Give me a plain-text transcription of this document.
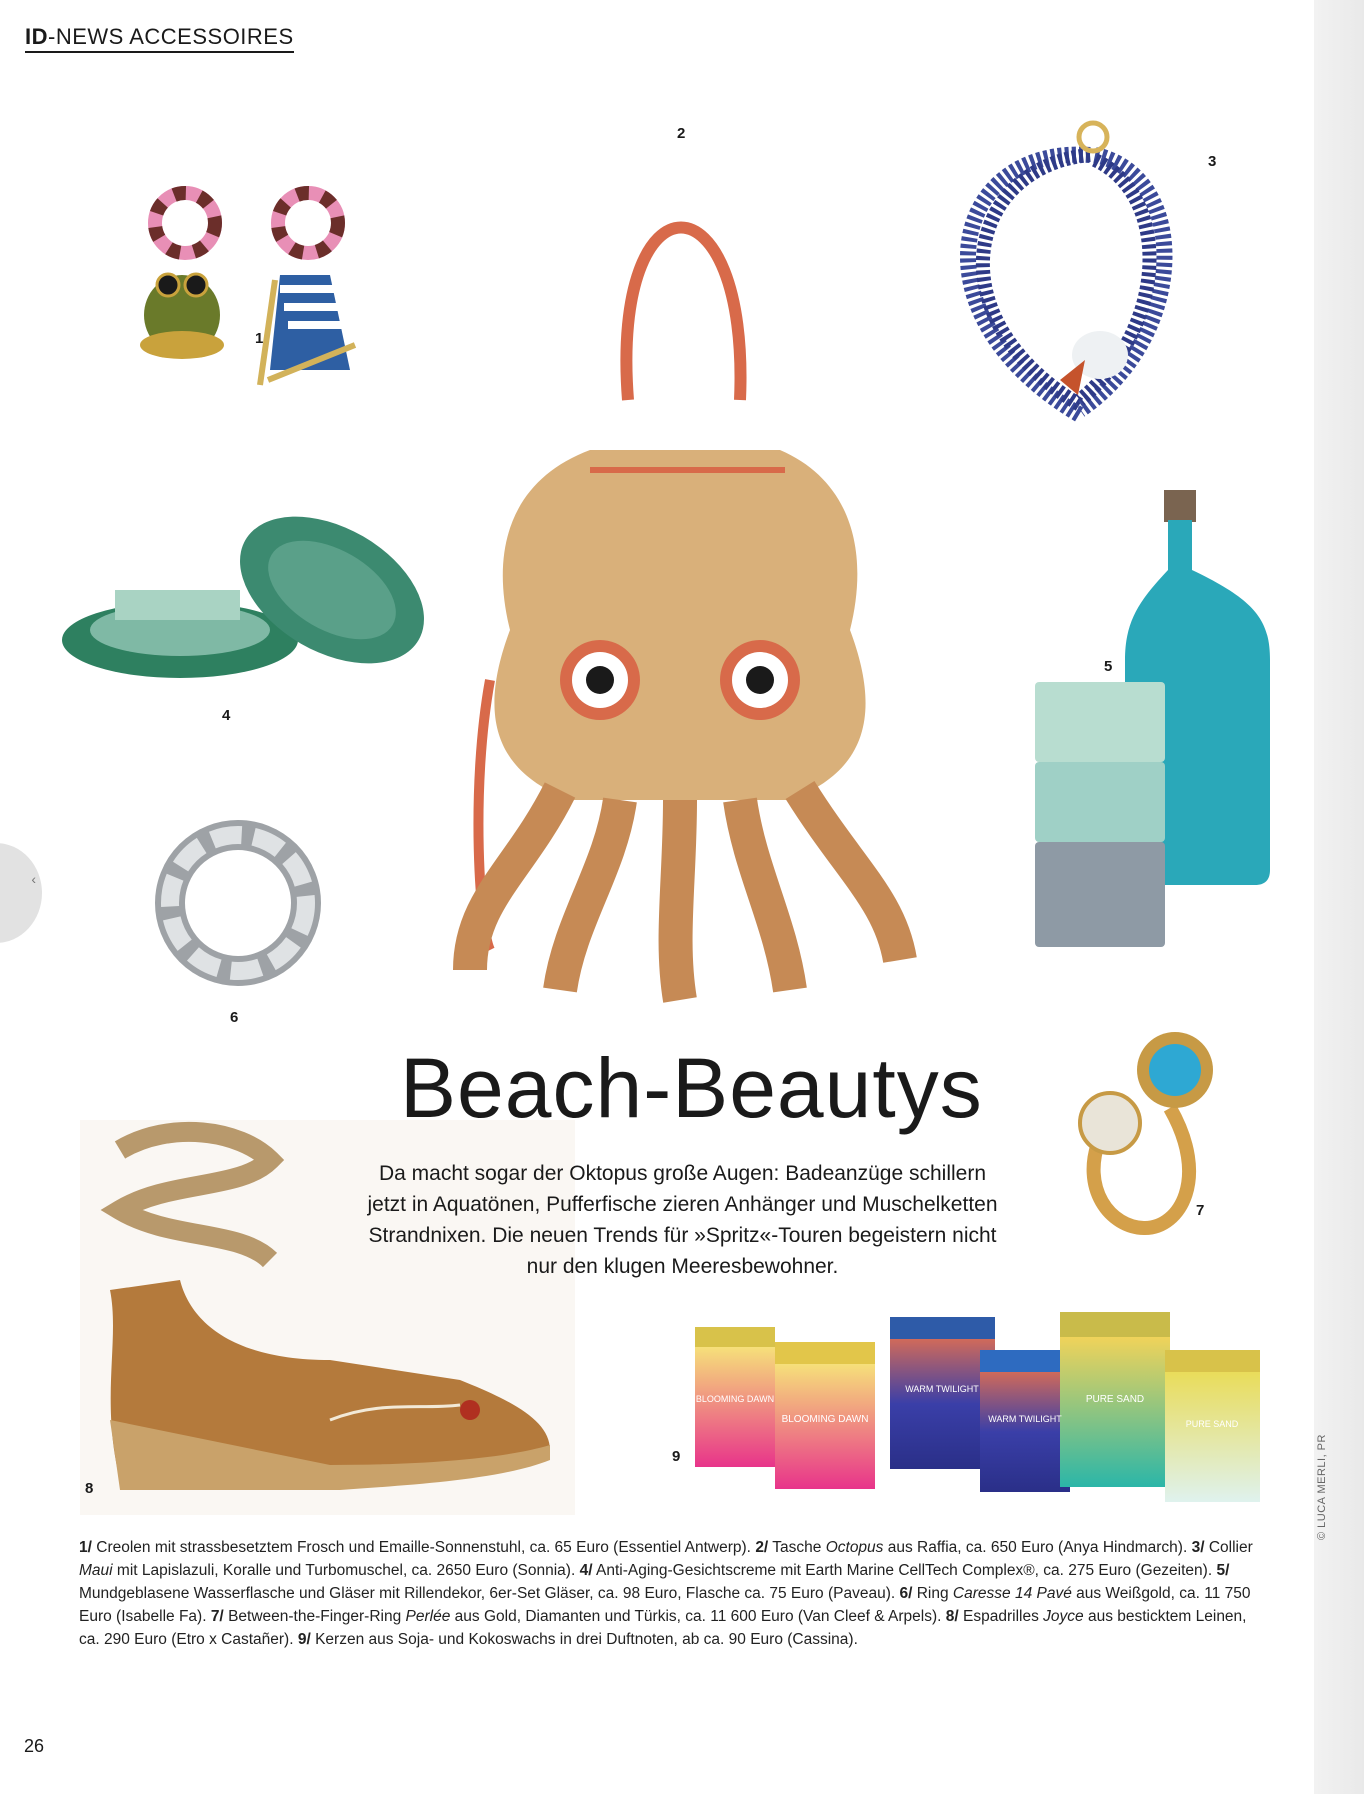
ID-NEWS ACCESSOIRES
1
2
3
4
5
6
7
8
BLOOMING DAWN
BLOOMING DAWN
WARM TWILIGHT
WARM TWILIGHT
PURE SAND
PURE SAND
9
Beach-Beautys
Da macht sogar der Oktopus große Augen: Badeanzüge schillern jetzt in Aquatönen, Pufferfische zieren Anhänger und Muschelketten Strandnixen. Die neuen Trends für »Spritz«-Touren begeistern nicht nur den klugen Meeresbewohner.
1/ Creolen mit strassbesetztem Frosch und Emaille-Sonnenstuhl, ca. 65 Euro (Essentiel Antwerp). 2/ Tasche Octopus aus Raffia, ca. 650 Euro (Anya Hindmarch). 3/ Collier Maui mit Lapislazuli, Koralle und Turbomuschel, ca. 2650 Euro (Sonnia). 4/ Anti-Aging-Gesichtscreme mit Earth Marine CellTech Complex®, ca. 275 Euro (Gezeiten). 5/ Mundgeblasene Wasserflasche und Gläser mit Rillendekor, 6er-Set Gläser, ca. 98 Euro, Flasche ca. 75 Euro (Paveau). 6/ Ring Caresse 14 Pavé aus Weißgold, ca. 11 750 Euro (Isabelle Fa). 7/ Between-the-Finger-Ring Perlée aus Gold, Diamanten und Türkis, ca. 11 600 Euro (Van Cleef & Arpels). 8/ Espadrilles Joyce aus besticktem Leinen, ca. 290 Euro (Etro x Castañer). 9/ Kerzen aus Soja- und Kokoswachs in drei Duftnoten, ab ca. 90 Euro (Cassina).
26
‹
© LUCA MERLI, PR
